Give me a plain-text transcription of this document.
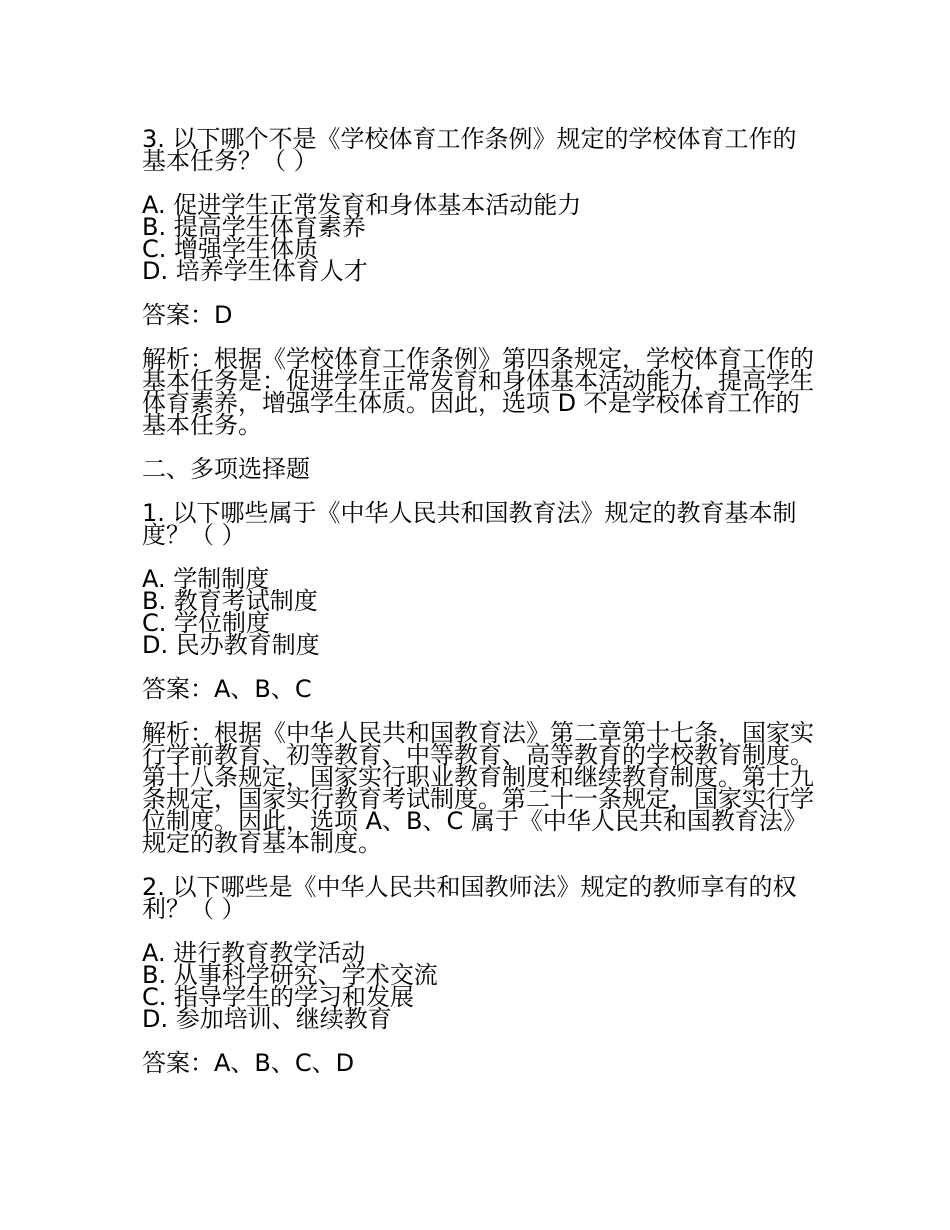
3. 以下哪个不是《学校体育工作条例》规定的学校体育工作的基本任务？（ ）

A. 促进学生正常发育和身体基本活动能力
B. 提高学生体育素养
C. 增强学生体质
D. 培养学生体育人才

答案：D

解析：根据《学校体育工作条例》第四条规定，学校体育工作的基本任务是：促进学生正常发育和身体基本活动能力，提高学生体育素养，增强学生体质。因此，选项 D 不是学校体育工作的基本任务。

二、多项选择题

1. 以下哪些属于《中华人民共和国教育法》规定的教育基本制度？（ ）

A. 学制制度
B. 教育考试制度
C. 学位制度
D. 民办教育制度

答案：A、B、C

解析：根据《中华人民共和国教育法》第二章第十七条，国家实行学前教育、初等教育、中等教育、高等教育的学校教育制度。第十八条规定，国家实行职业教育制度和继续教育制度。第十九条规定，国家实行教育考试制度。第二十一条规定，国家实行学位制度。因此，选项 A、B、C 属于《中华人民共和国教育法》规定的教育基本制度。

2. 以下哪些是《中华人民共和国教师法》规定的教师享有的权利？（ ）

A. 进行教育教学活动
B. 从事科学研究、学术交流
C. 指导学生的学习和发展
D. 参加培训、继续教育

答案：A、B、C、D
